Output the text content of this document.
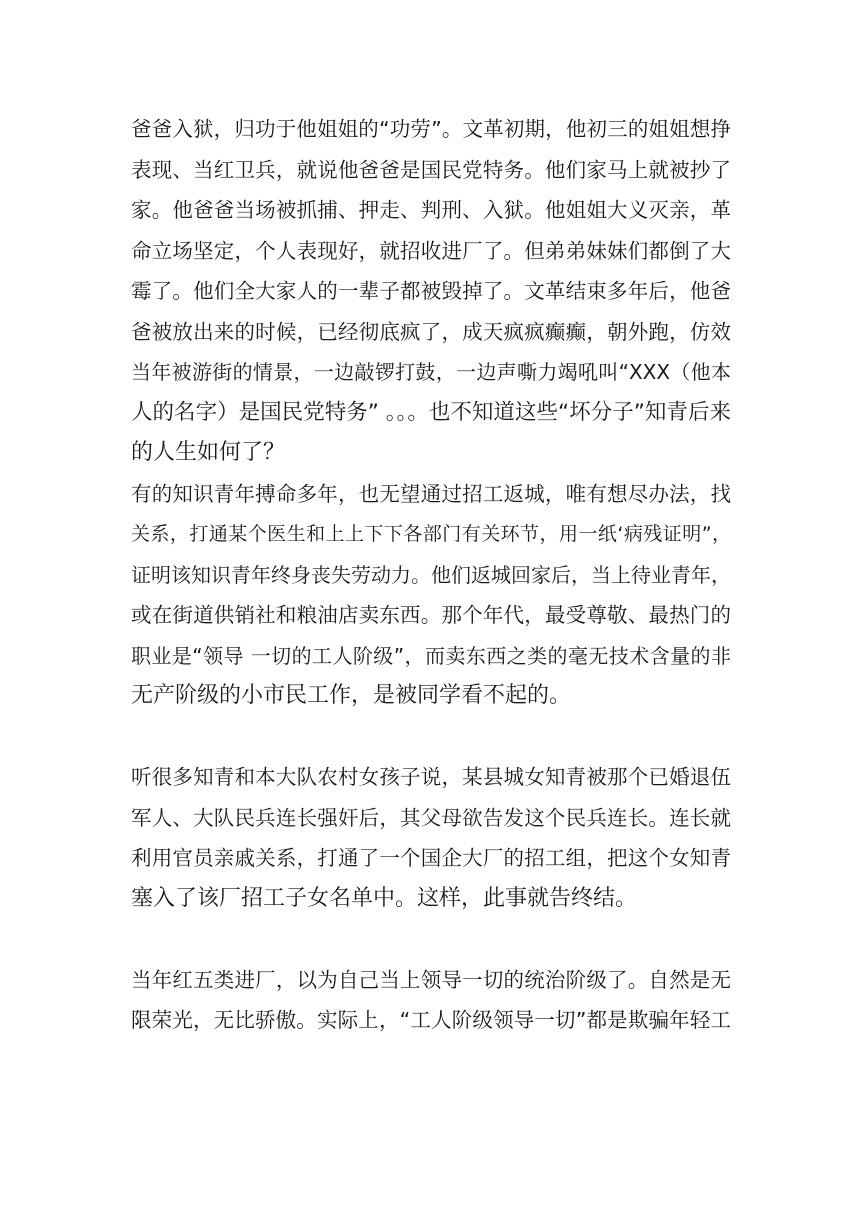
爸爸入狱，归功于他姐姐的“功劳”。文革初期，他初三的姐姐想挣
表现、当红卫兵，就说他爸爸是国民党特务。他们家马上就被抄了
家。他爸爸当场被抓捕、押走、判刑、入狱。他姐姐大义灭亲，革
命立场坚定，个人表现好，就招收进厂了。但弟弟妹妹们都倒了大
霉了。他们全大家人的一辈子都被毁掉了。文革结束多年后，他爸
爸被放出来的时候，已经彻底疯了，成天疯疯癫癫，朝外跑，仿效
当年被游街的情景，一边敲锣打鼓，一边声嘶力竭吼叫“XXX（他本
人的名字）是国民党特务” 。。。也不知道这些“坏分子”知青后来
的人生如何了？
有的知识青年搏命多年，也无望通过招工返城，唯有想尽办法，找
关系，打通某个医生和上上下下各部门有关环节，用一纸‘病残证明”，
证明该知识青年终身丧失劳动力。他们返城回家后，当上待业青年，
或在街道供销社和粮油店卖东西。那个年代，最受尊敬、最热门的
职业是“领导 一切的工人阶级”，而卖东西之类的毫无技术含量的非
无产阶级的小市民工作，是被同学看不起的。
听很多知青和本大队农村女孩子说，某县城女知青被那个已婚退伍
军人、大队民兵连长强奸后，其父母欲告发这个民兵连长。连长就
利用官员亲戚关系，打通了一个国企大厂的招工组，把这个女知青
塞入了该厂招工子女名单中。这样，此事就告终结。
当年红五类进厂，以为自己当上领导一切的统治阶级了。自然是无
限荣光，无比骄傲。实际上，“工人阶级领导一切”都是欺骗年轻工
